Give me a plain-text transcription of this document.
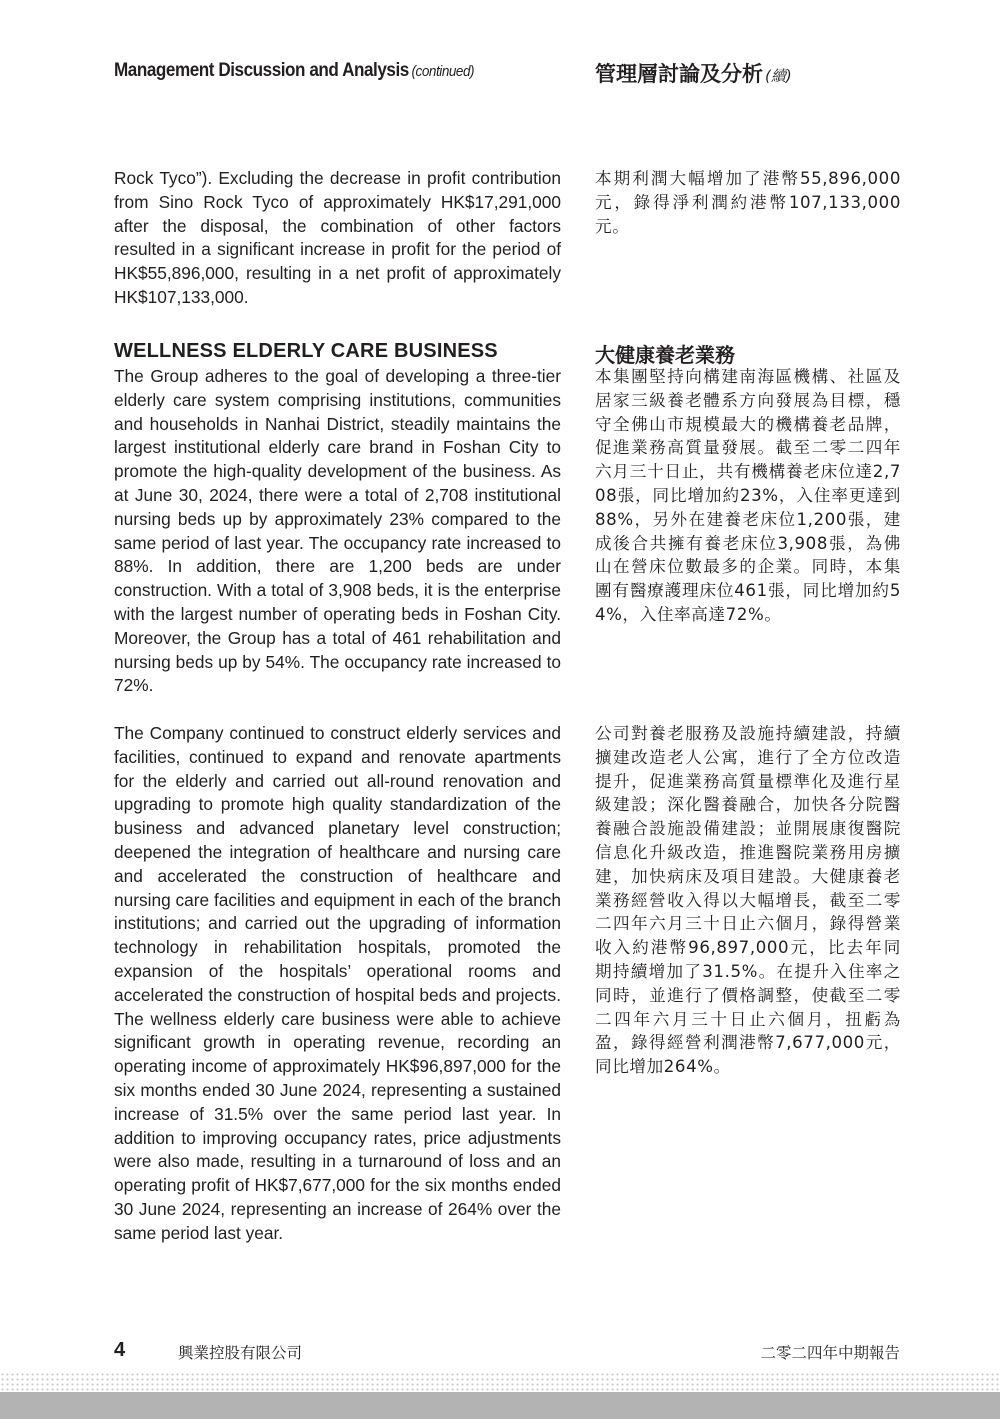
Management Discussion and Analysis (continued)	管理層討論及分析 (續)
Rock Tyco”). Excluding the decrease in profit contribution from Sino Rock Tyco of approximately HK$17,291,000 after the disposal, the combination of other factors resulted in a significant increase in profit for the period of HK$55,896,000, resulting in a net profit of approximately HK$107,133,000.
本期利潤大幅增加了港幣55,896,000元，錄得淨利潤約港幣107,133,000元。
WELLNESS ELDERLY CARE BUSINESS	大健康養老業務
The Group adheres to the goal of developing a three-tier elderly care system comprising institutions, communities and households in Nanhai District, steadily maintains the largest institutional elderly care brand in Foshan City to promote the high-quality development of the business. As at June 30, 2024, there were a total of 2,708 institutional nursing beds up by approximately 23% compared to the same period of last year. The occupancy rate increased to 88%. In addition, there are 1,200 beds are under construction. With a total of 3,908 beds, it is the enterprise with the largest number of operating beds in Foshan City. Moreover, the Group has a total of 461 rehabilitation and nursing beds up by 54%. The occupancy rate increased to 72%.
本集團堅持向構建南海區機構、社區及居家三級養老體系方向發展為目標，穩守全佛山市規模最大的機構養老品牌，促進業務高質量發展。截至二零二四年六月三十日止，共有機構養老床位達2,708張，同比增加約23%，入住率更達到88%，另外在建養老床位1,200張，建成後合共擁有養老床位3,908張，為佛山在營床位數最多的企業。同時，本集團有醫療護理床位461張，同比增加約54%，入住率高達72%。
The Company continued to construct elderly services and facilities, continued to expand and renovate apartments for the elderly and carried out all-round renovation and upgrading to promote high quality standardization of the business and advanced planetary level construction; deepened the integration of healthcare and nursing care and accelerated the construction of healthcare and nursing care facilities and equipment in each of the branch institutions; and carried out the upgrading of information technology in rehabilitation hospitals, promoted the expansion of the hospitals’ operational rooms and accelerated the construction of hospital beds and projects. The wellness elderly care business were able to achieve significant growth in operating revenue, recording an operating income of approximately HK$96,897,000 for the six months ended 30 June 2024, representing a sustained increase of 31.5% over the same period last year. In addition to improving occupancy rates, price adjustments were also made, resulting in a turnaround of loss and an operating profit of HK$7,677,000 for the six months ended 30 June 2024, representing an increase of 264% over the same period last year.
公司對養老服務及設施持續建設，持續擴建改造老人公寓，進行了全方位改造提升，促進業務高質量標準化及進行星級建設；深化醫養融合，加快各分院醫養融合設施設備建設；並開展康復醫院信息化升級改造，推進醫院業務用房擴建，加快病床及項目建設。大健康養老業務經營收入得以大幅增長，截至二零二四年六月三十日止六個月，錄得營業收入約港幣96,897,000元，比去年同期持續增加了31.5%。在提升入住率之同時，並進行了價格調整，使截至二零二四年六月三十日止六個月，扭虧為盈，錄得經營利潤港幣7,677,000元，同比增加264%。
4	興業控股有限公司	二零二四年中期報告
